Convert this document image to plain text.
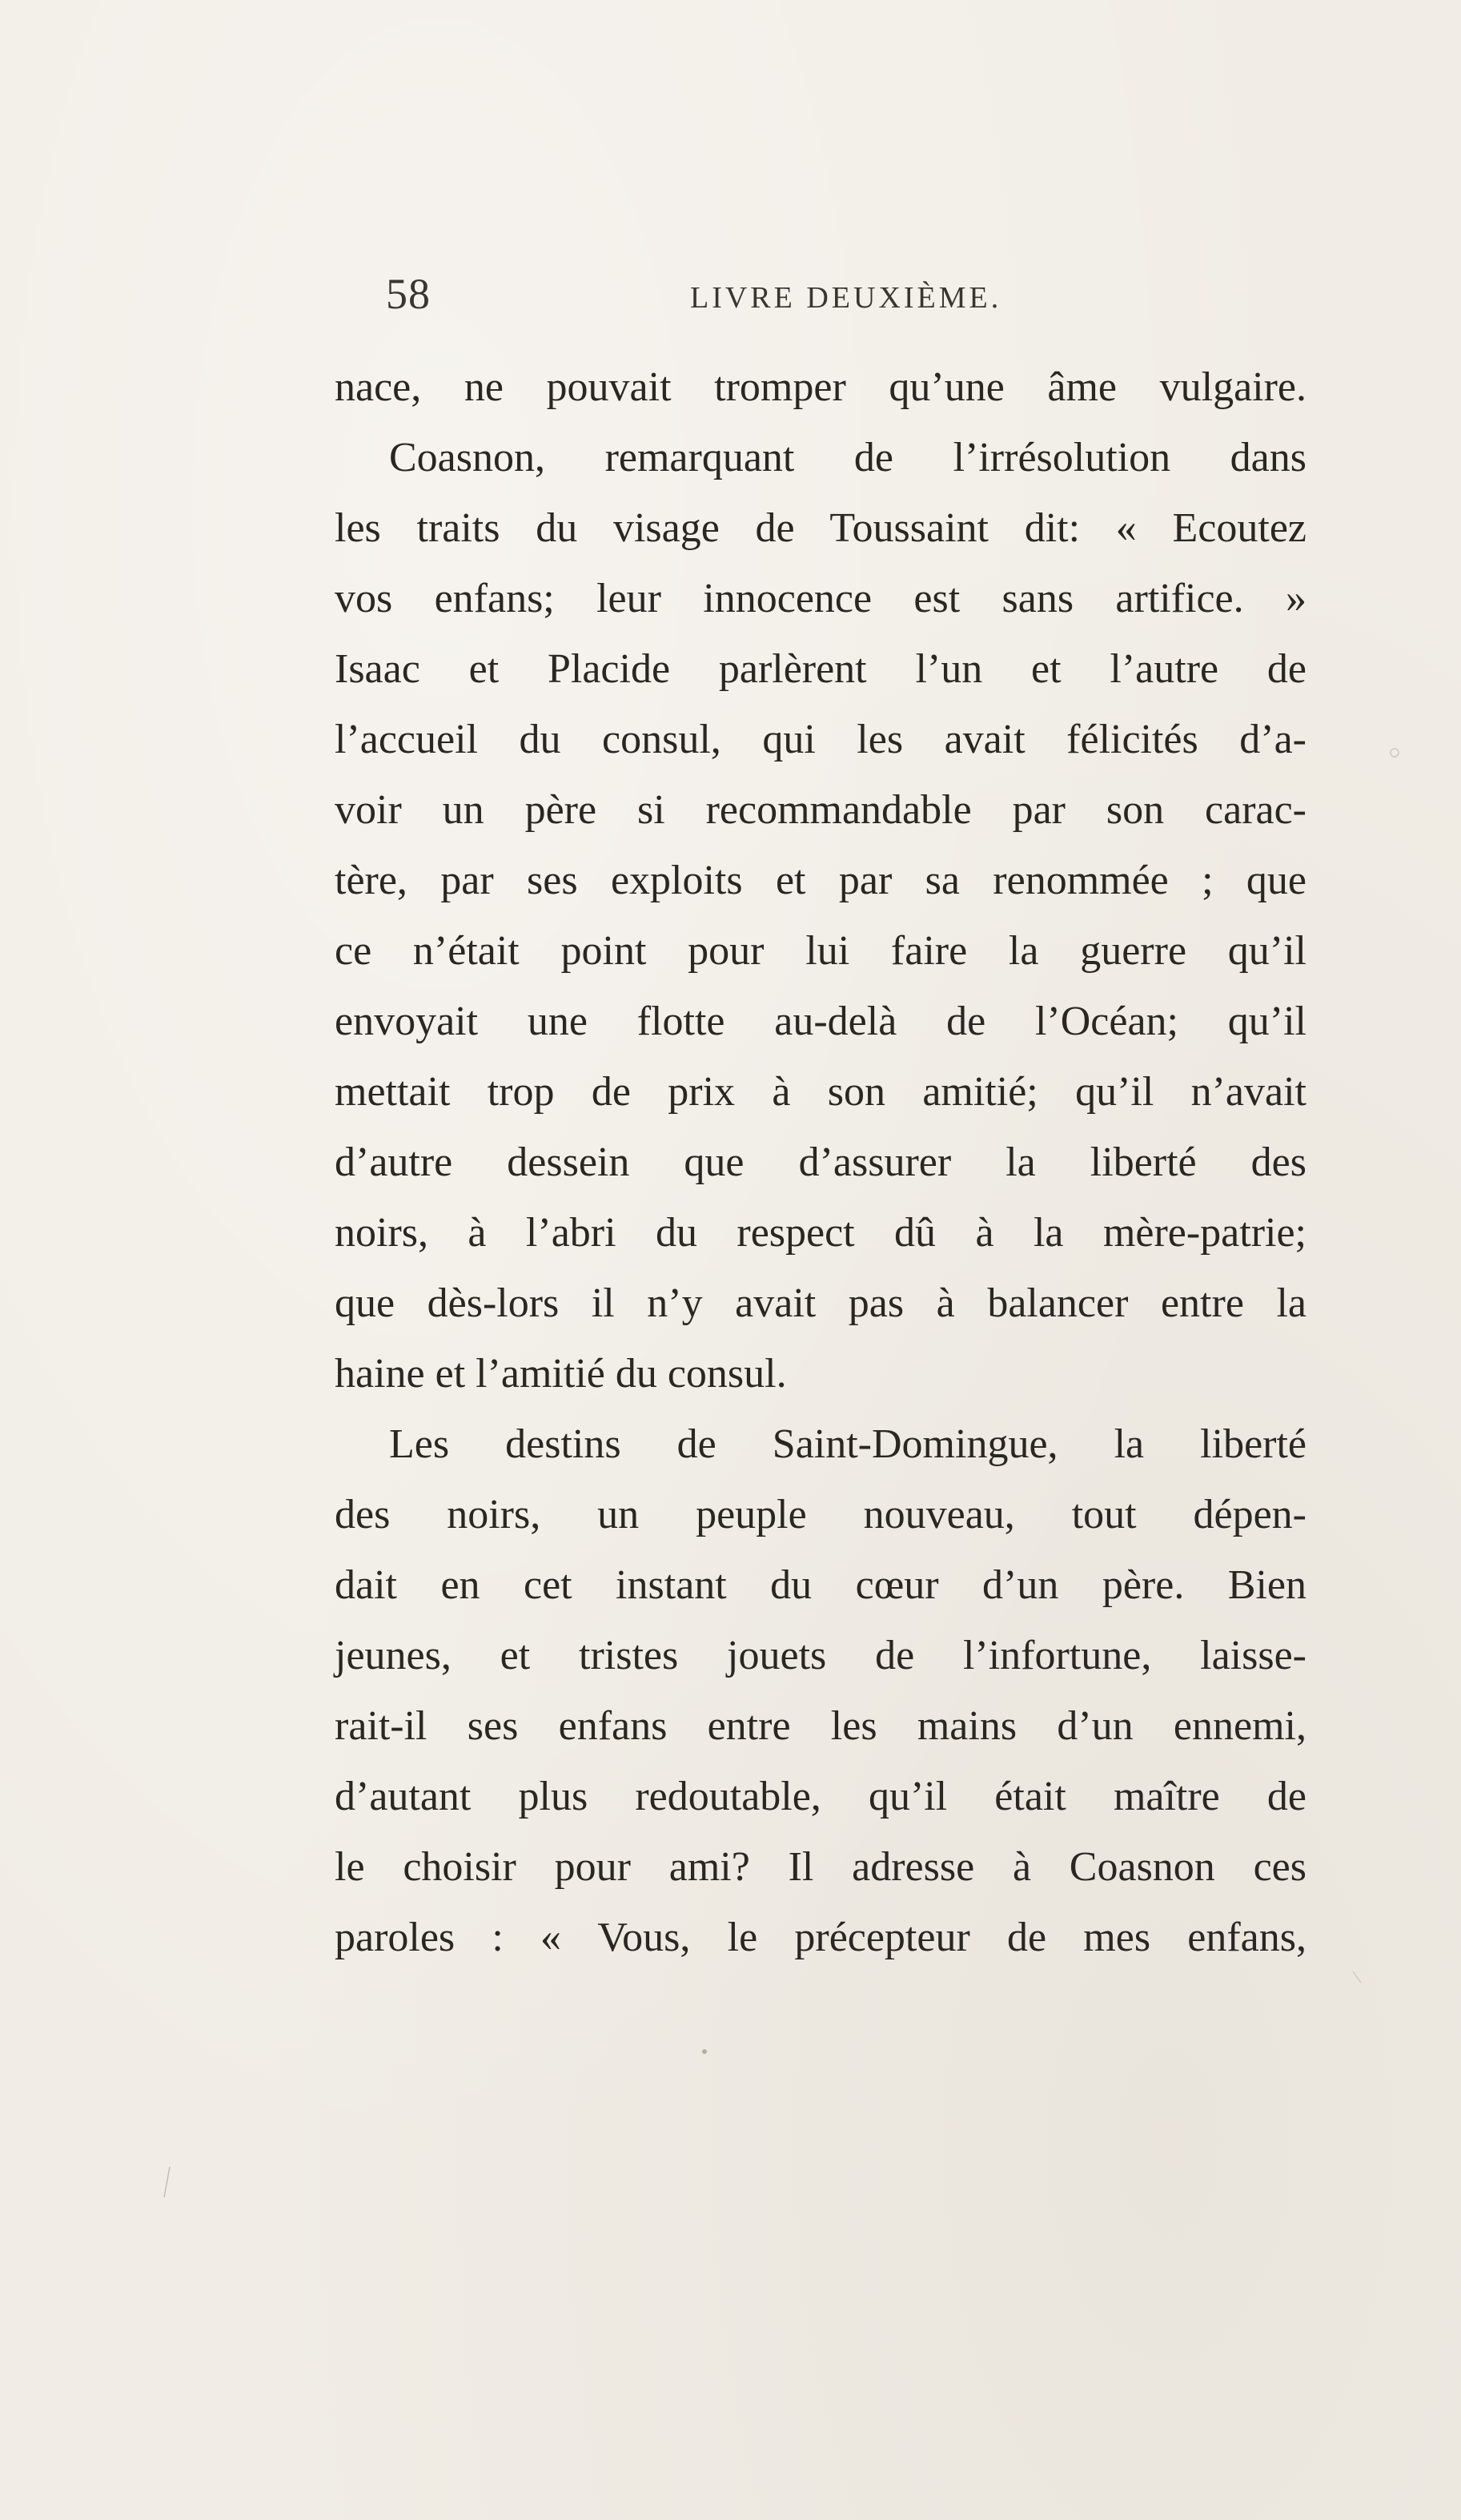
58	LIVRE DEUXIÈME.
nace, ne pouvait tromper qu’une âme vulgaire.
Coasnon, remarquant de l’irrésolution dans
les traits du visage de Toussaint dit: « Ecoutez
vos enfans; leur innocence est sans artifice. »
Isaac et Placide parlèrent l’un et l’autre de
l’accueil du consul, qui les avait félicités d’a-
voir un père si recommandable par son carac-
tère, par ses exploits et par sa renommée ; que
ce n’était point pour lui faire la guerre qu’il
envoyait une flotte au-delà de l’Océan; qu’il
mettait trop de prix à son amitié; qu’il n’avait
d’autre dessein que d’assurer la liberté des
noirs, à l’abri du respect dû à la mère-patrie;
que dès-lors il n’y avait pas à balancer entre la
haine et l’amitié du consul.
Les destins de Saint-Domingue, la liberté
des noirs, un peuple nouveau, tout dépen-
dait en cet instant du cœur d’un père. Bien
jeunes, et tristes jouets de l’infortune, laisse-
rait-il ses enfans entre les mains d’un ennemi,
d’autant plus redoutable, qu’il était maître de
le choisir pour ami? Il adresse à Coasnon ces
paroles : « Vous, le précepteur de mes enfans,
